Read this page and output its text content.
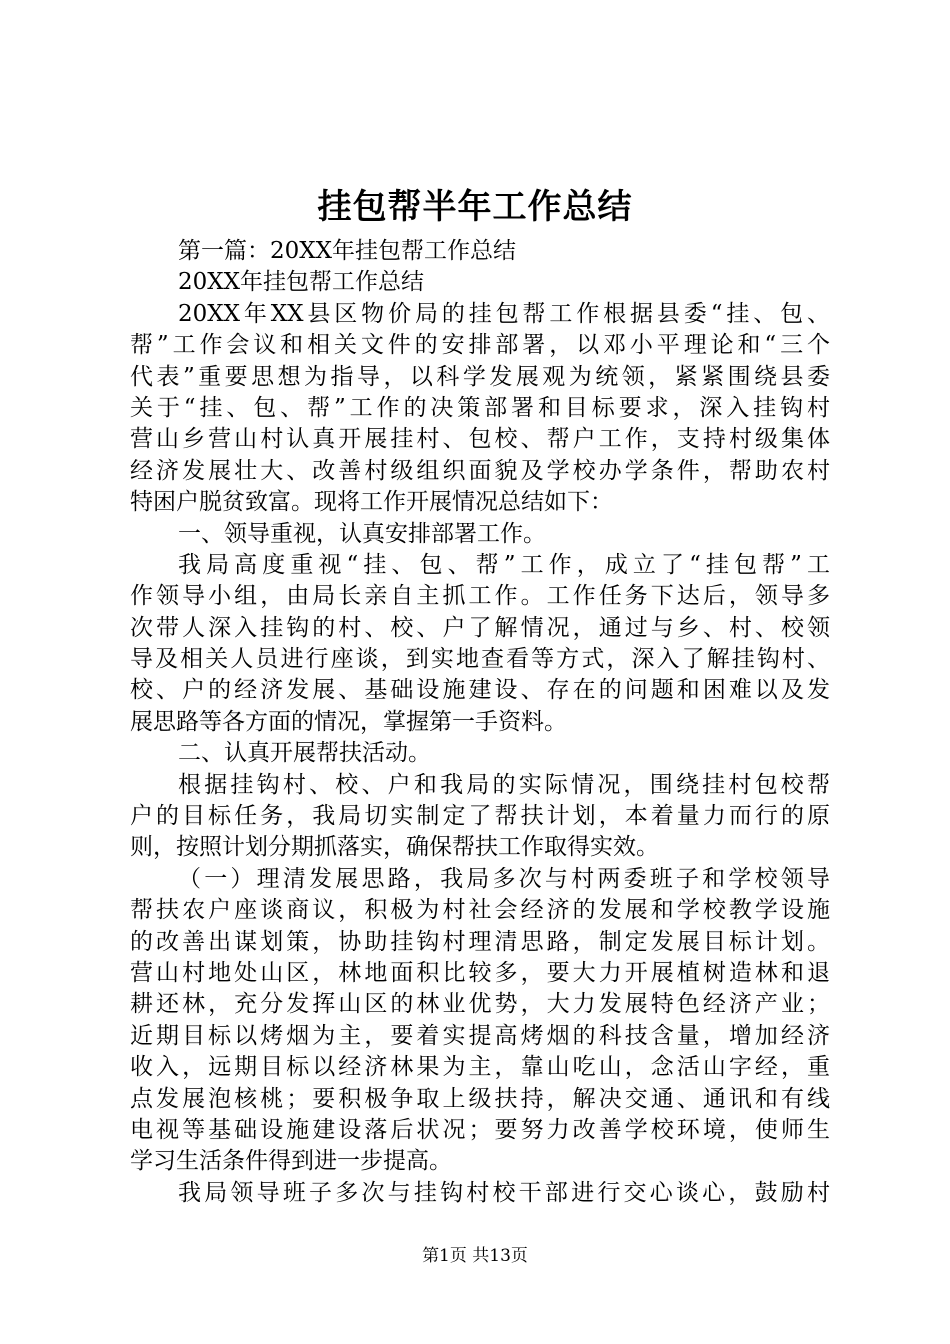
挂包帮半年工作总结
第一篇：20XX年挂包帮工作总结
20XX年挂包帮工作总结
20XX年XX县区物价局的挂包帮工作根据县委“挂、包、
帮”工作会议和相关文件的安排部署，以邓小平理论和“三个
代表”重要思想为指导，以科学发展观为统领，紧紧围绕县委
关于“挂、包、帮”工作的决策部署和目标要求，深入挂钩村
营山乡营山村认真开展挂村、包校、帮户工作，支持村级集体
经济发展壮大、改善村级组织面貌及学校办学条件，帮助农村
特困户脱贫致富。现将工作开展情况总结如下：
一、领导重视，认真安排部署工作。
我局高度重视“挂、包、帮”工作，成立了“挂包帮”工
作领导小组，由局长亲自主抓工作。工作任务下达后，领导多
次带人深入挂钩的村、校、户了解情况，通过与乡、村、校领
导及相关人员进行座谈，到实地查看等方式，深入了解挂钩村、
校、户的经济发展、基础设施建设、存在的问题和困难以及发
展思路等各方面的情况，掌握第一手资料。
二、认真开展帮扶活动。
根据挂钩村、校、户和我局的实际情况，围绕挂村包校帮
户的目标任务，我局切实制定了帮扶计划，本着量力而行的原
则，按照计划分期抓落实，确保帮扶工作取得实效。
（一）理清发展思路，我局多次与村两委班子和学校领导
帮扶农户座谈商议，积极为村社会经济的发展和学校教学设施
的改善出谋划策，协助挂钩村理清思路，制定发展目标计划。
营山村地处山区，林地面积比较多，要大力开展植树造林和退
耕还林，充分发挥山区的林业优势，大力发展特色经济产业；
近期目标以烤烟为主，要着实提高烤烟的科技含量，增加经济
收入，远期目标以经济林果为主，靠山吃山，念活山字经，重
点发展泡核桃；要积极争取上级扶持，解决交通、通讯和有线
电视等基础设施建设落后状况；要努力改善学校环境，使师生
学习生活条件得到进一步提高。
我局领导班子多次与挂钩村校干部进行交心谈心，鼓励村
第1页 共13页
